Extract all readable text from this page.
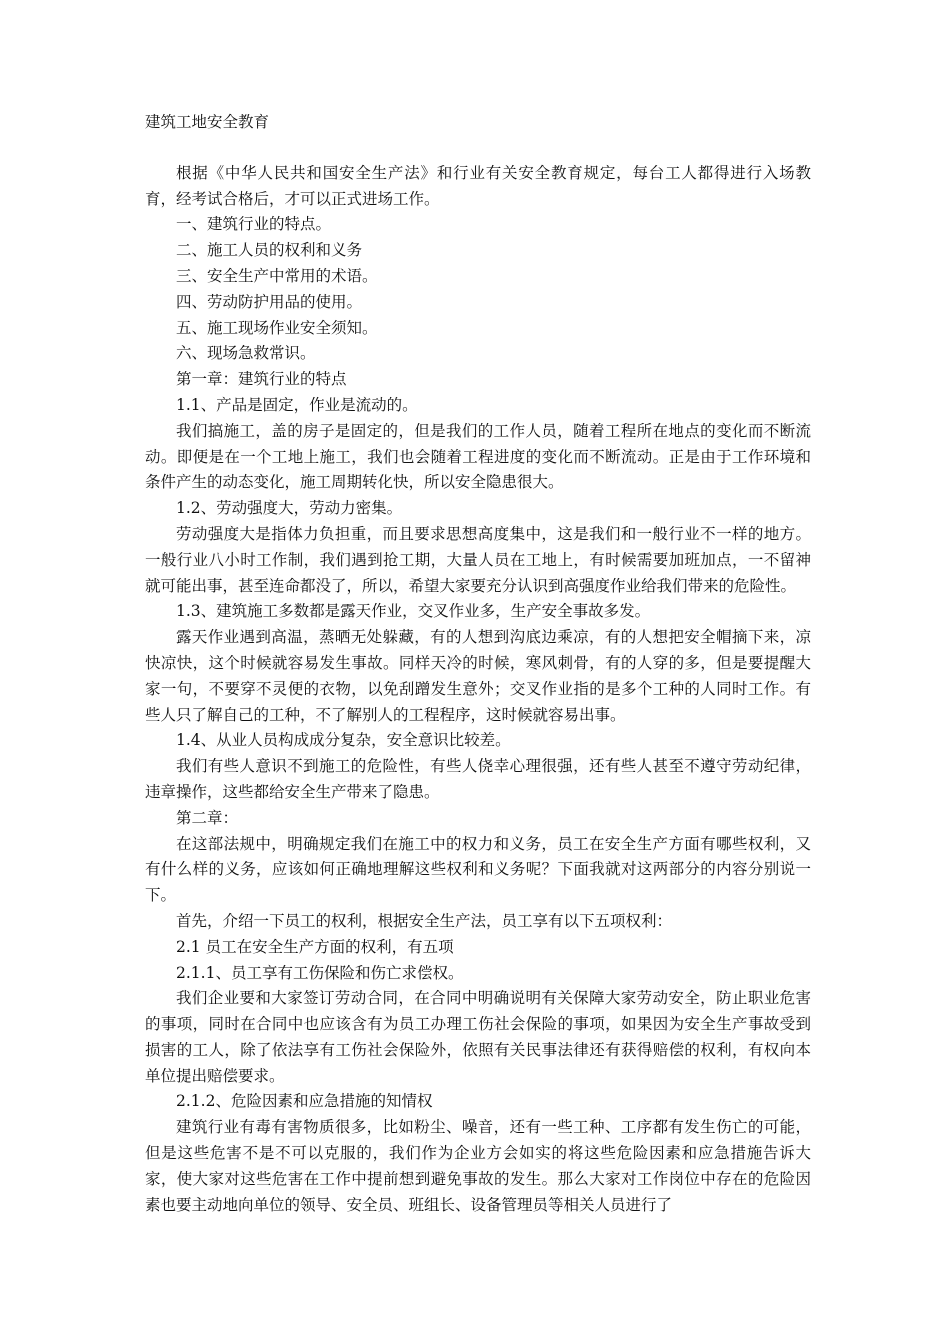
建筑工地安全教育

根据《中华人民共和国安全生产法》和行业有关安全教育规定，每台工人都得进行入场教育，经考试合格后，才可以正式进场工作。

一、建筑行业的特点。

二、施工人员的权利和义务

三、安全生产中常用的术语。

四、劳动防护用品的使用。

五、施工现场作业安全须知。

六、现场急救常识。

第一章：建筑行业的特点

1.1、产品是固定，作业是流动的。

我们搞施工，盖的房子是固定的，但是我们的工作人员，随着工程所在地点的变化而不断流动。即便是在一个工地上施工，我们也会随着工程进度的变化而不断流动。正是由于工作环境和条件产生的动态变化，施工周期转化快，所以安全隐患很大。

1.2、劳动强度大，劳动力密集。

劳动强度大是指体力负担重，而且要求思想高度集中，这是我们和一般行业不一样的地方。一般行业八小时工作制，我们遇到抢工期，大量人员在工地上，有时候需要加班加点，一不留神就可能出事，甚至连命都没了，所以，希望大家要充分认识到高强度作业给我们带来的危险性。

1.3、建筑施工多数都是露天作业，交叉作业多，生产安全事故多发。

露天作业遇到高温，蒸晒无处躲藏，有的人想到沟底边乘凉，有的人想把安全帽摘下来，凉快凉快，这个时候就容易发生事故。同样天冷的时候，寒风刺骨，有的人穿的多，但是要提醒大家一句，不要穿不灵便的衣物，以免刮蹭发生意外；交叉作业指的是多个工种的人同时工作。有些人只了解自己的工种，不了解别人的工程程序，这时候就容易出事。

1.4、从业人员构成成分复杂，安全意识比较差。

我们有些人意识不到施工的危险性，有些人侥幸心理很强，还有些人甚至不遵守劳动纪律，违章操作，这些都给安全生产带来了隐患。

第二章：

在这部法规中，明确规定我们在施工中的权力和义务，员工在安全生产方面有哪些权利，又有什么样的义务，应该如何正确地理解这些权利和义务呢？下面我就对这两部分的内容分别说一下。

首先，介绍一下员工的权利，根据安全生产法，员工享有以下五项权利：

2.1 员工在安全生产方面的权利，有五项

2.1.1、员工享有工伤保险和伤亡求偿权。

我们企业要和大家签订劳动合同，在合同中明确说明有关保障大家劳动安全，防止职业危害的事项，同时在合同中也应该含有为员工办理工伤社会保险的事项，如果因为安全生产事故受到损害的工人，除了依法享有工伤社会保险外，依照有关民事法律还有获得赔偿的权利，有权向本单位提出赔偿要求。

2.1.2、危险因素和应急措施的知情权

建筑行业有毒有害物质很多，比如粉尘、噪音，还有一些工种、工序都有发生伤亡的可能，但是这些危害不是不可以克服的，我们作为企业方会如实的将这些危险因素和应急措施告诉大家，使大家对这些危害在工作中提前想到避免事故的发生。那么大家对工作岗位中存在的危险因素也要主动地向单位的领导、安全员、班组长、设备管理员等相关人员进行了
